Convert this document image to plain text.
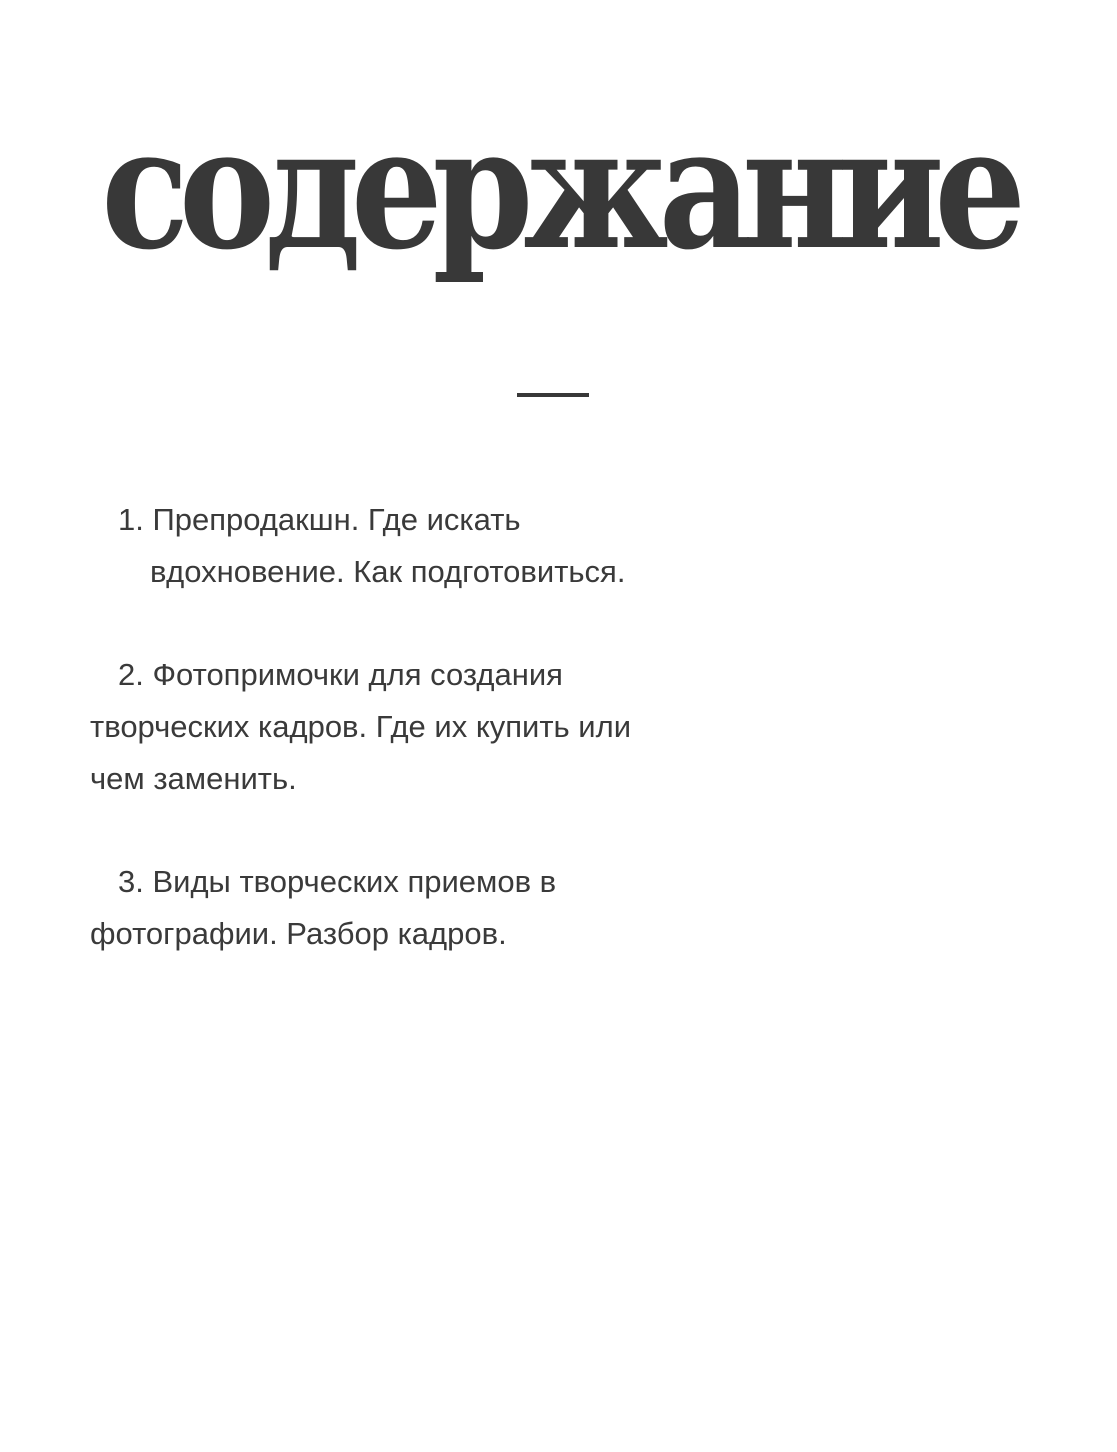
содержание
1. Препродакшн. Где искать
вдохновение. Как подготовиться.
2. Фотопримочки для создания
творческих кадров. Где их купить или
чем заменить.
3. Виды творческих приемов в
фотографии. Разбор кадров.
